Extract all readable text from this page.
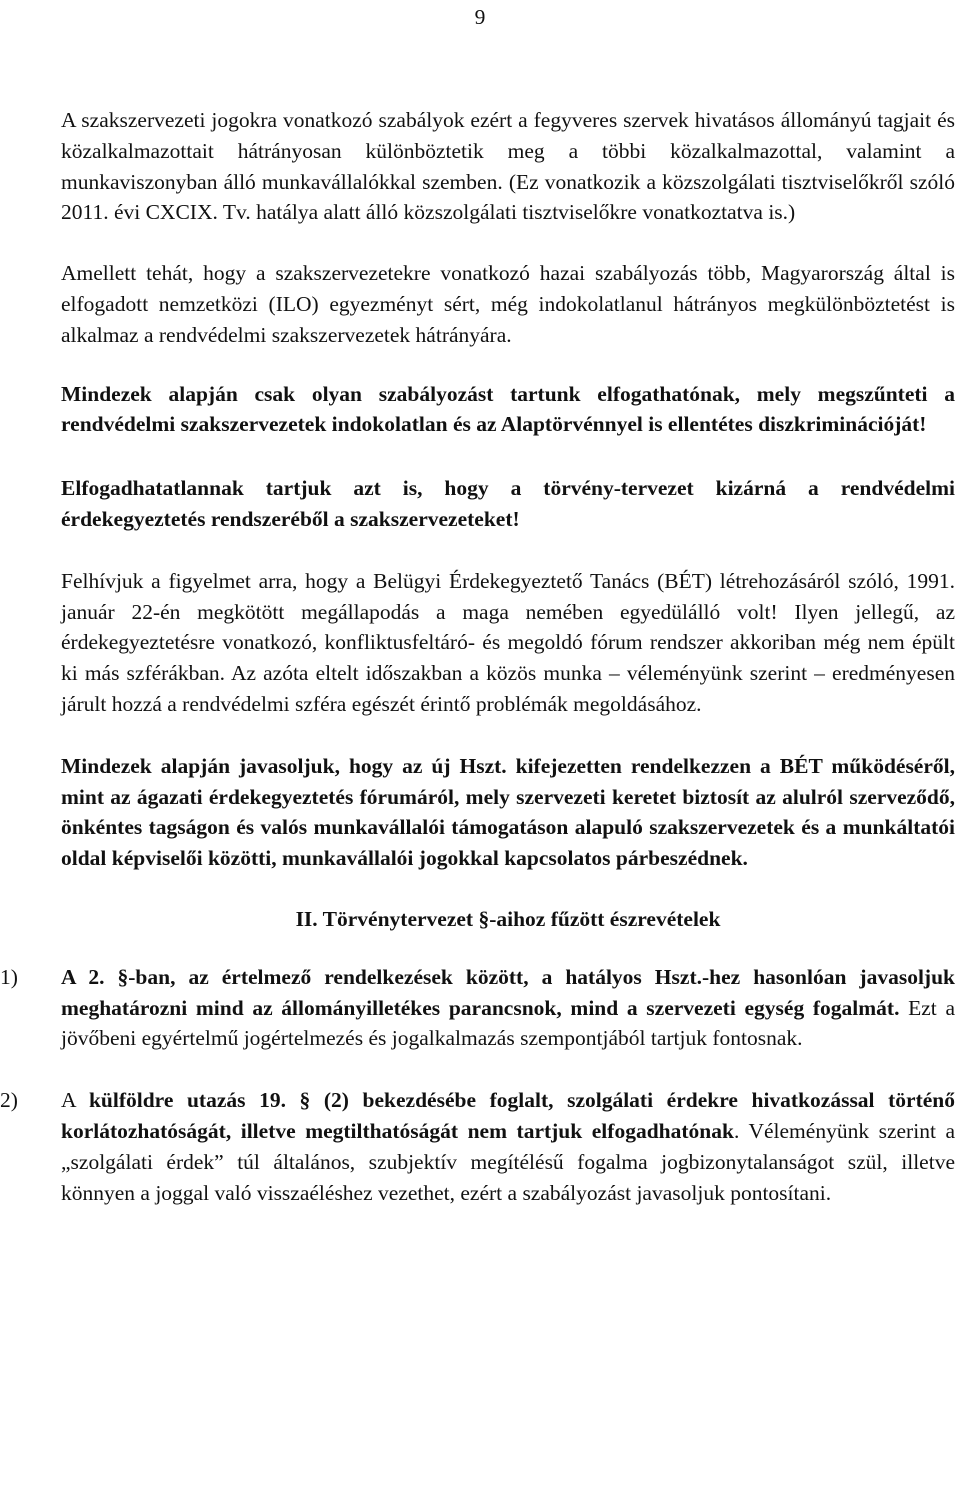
9

A szakszervezeti jogokra vonatkozó szabályok ezért a fegyveres szervek hivatásos állományú tagjait és közalkalmazottait hátrányosan különböztetik meg a többi közalkalmazottal, valamint a munkaviszonyban álló munkavállalókkal szemben. (Ez vonatkozik a közszolgálati tisztviselőkről szóló 2011. évi CXCIX. Tv. hatálya alatt álló közszolgálati tisztviselőkre vonatkoztatva is.)

Amellett tehát, hogy a szakszervezetekre vonatkozó hazai szabályozás több, Magyarország által is elfogadott nemzetközi (ILO) egyezményt sért, még indokolatlanul hátrányos megkülönböztetést is alkalmaz a rendvédelmi szakszervezetek hátrányára.

Mindezek alapján csak olyan szabályozást tartunk elfogathatónak, mely megszűnteti a rendvédelmi szakszervezetek indokolatlan és az Alaptörvénnyel is ellentétes diszkriminációját!

Elfogadhatatlannak tartjuk azt is, hogy a törvény-tervezet kizárná a rendvédelmi érdekegyeztetés rendszeréből a szakszervezeteket!

Felhívjuk a figyelmet arra, hogy a Belügyi Érdekegyeztető Tanács (BÉT) létrehozásáról szóló, 1991. január 22-én megkötött megállapodás a maga nemében egyedülálló volt! Ilyen jellegű, az érdekegyeztetésre vonatkozó, konfliktusfeltáró- és megoldó fórum rendszer akkoriban még nem épült ki más szférákban. Az azóta eltelt időszakban a közös munka – véleményünk szerint – eredményesen járult hozzá a rendvédelmi szféra egészét érintő problémák megoldásához.

Mindezek alapján javasoljuk, hogy az új Hszt. kifejezetten rendelkezzen a BÉT működéséről, mint az ágazati érdekegyeztetés fórumáról, mely szervezeti keretet biztosít az alulról szerveződő, önkéntes tagságon és valós munkavállalói támogatáson alapuló szakszervezetek és a munkáltatói oldal képviselői közötti, munkavállalói jogokkal kapcsolatos párbeszédnek.

II. Törvénytervezet §-aihoz fűzött észrevételek

1) A 2. §-ban, az értelmező rendelkezések között, a hatályos Hszt.-hez hasonlóan javasoljuk meghatározni mind az állományilletékes parancsnok, mind a szervezeti egység fogalmát. Ezt a jövőbeni egyértelmű jogértelmezés és jogalkalmazás szempontjából tartjuk fontosnak.

2) A külföldre utazás 19. § (2) bekezdésébe foglalt, szolgálati érdekre hivatkozással történő korlátozhatóságát, illetve megtilthatóságát nem tartjuk elfogadhatónak. Véleményünk szerint a „szolgálati érdek” túl általános, szubjektív megítélésű fogalma jogbizonytalanságot szül, illetve könnyen a joggal való visszaéléshez vezethet, ezért a szabályozást javasoljuk pontosítani.
